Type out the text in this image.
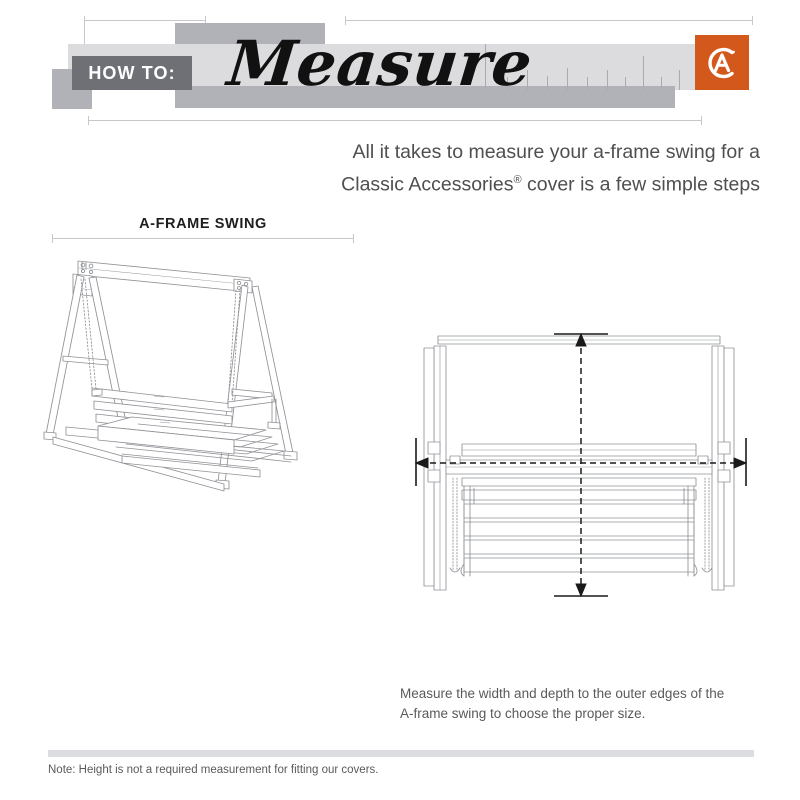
HOW TO: Measure
All it takes to measure your a-frame swing for a
Classic Accessories® cover is a few simple steps
A-FRAME SWING
Measure the width and depth to the outer edges of the
A-frame swing to choose the proper size.
Note: Height is not a required measurement for fitting our covers.
